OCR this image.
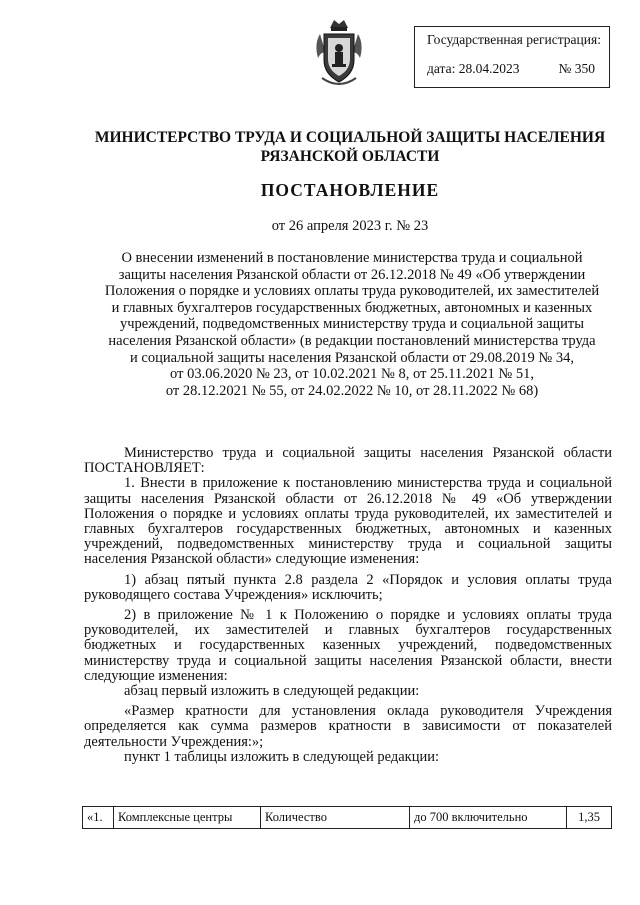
Государственная регистрация:
дата: 28.04.2023	№ 350
МИНИСТЕРСТВО ТРУДА И СОЦИАЛЬНОЙ ЗАЩИТЫ НАСЕЛЕНИЯ
РЯЗАНСКОЙ ОБЛАСТИ
ПОСТАНОВЛЕНИЕ
от 26 апреля 2023 г. № 23
О внесении изменений в постановление министерства труда и социальной
защиты населения Рязанской области от 26.12.2018 № 49 «Об утверждении
Положения о порядке и условиях оплаты труда руководителей, их заместителей
и главных бухгалтеров государственных бюджетных, автономных и казенных
учреждений, подведомственных министерству труда и социальной защиты
населения Рязанской области» (в редакции постановлений министерства труда
и социальной защиты населения Рязанской области от 29.08.2019 № 34,
от 03.06.2020 № 23, от 10.02.2021 № 8, от 25.11.2021 № 51,
от 28.12.2021 № 55, от 24.02.2022 № 10, от 28.11.2022 № 68)

Министерство труда и социальной защиты населения Рязанской области ПОСТАНОВЛЯЕТ:

1. Внести в приложение к постановлению министерства труда и социальной защиты населения Рязанской области от 26.12.2018 № 49 «Об утверждении Положения о порядке и условиях оплаты труда руководителей, их заместителей и главных бухгалтеров государственных бюджетных, автономных и казенных учреждений, подведомственных министерству труда и социальной защиты населения Рязанской области» следующие изменения:

1) абзац пятый пункта 2.8 раздела 2 «Порядок и условия оплаты труда руководящего состава Учреждения» исключить;

2) в приложение № 1 к Положению о порядке и условиях оплаты труда руководителей, их заместителей и главных бухгалтеров государственных бюджетных и государственных казенных учреждений, подведомственных министерству труда и социальной защиты населения Рязанской области, внести следующие изменения:

абзац первый изложить в следующей редакции:

«Размер кратности для установления оклада руководителя Учреждения определяется как сумма размеров кратности в зависимости от показателей деятельности Учреждения:»;

пункт 1 таблицы изложить в следующей редакции:

«1.	Комплексные центры	Количество	до 700 включительно	1,35
